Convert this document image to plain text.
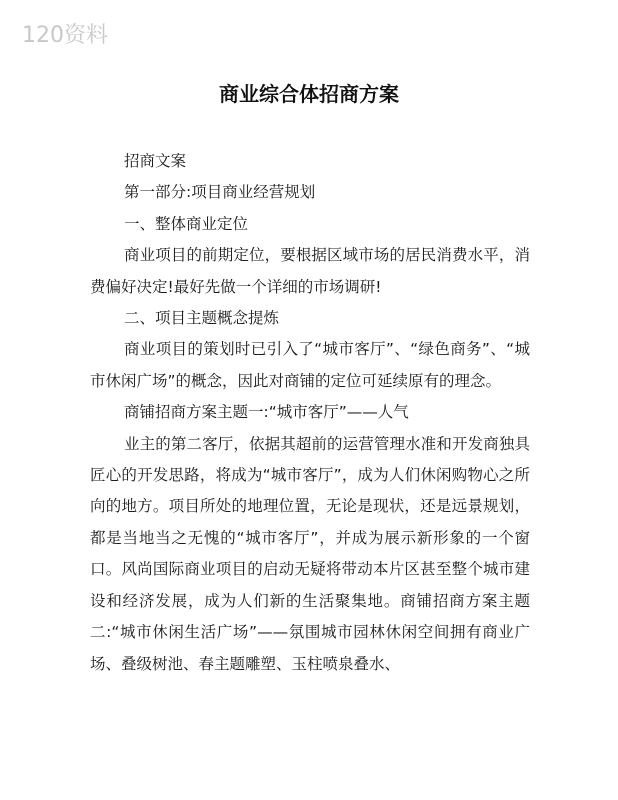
120资料
商业综合体招商方案

招商文案

第一部分:项目商业经营规划

一、整体商业定位

商业项目的前期定位，要根据区域市场的居民消费水平，消费偏好决定!最好先做一个详细的市场调研!

二、项目主题概念提炼

商业项目的策划时已引入了“城市客厅”、“绿色商务”、“城市休闲广场”的概念，因此对商铺的定位可延续原有的理念。

商铺招商方案主题一:“城市客厅”——人气

业主的第二客厅，依据其超前的运营管理水准和开发商独具匠心的开发思路，将成为“城市客厅”，成为人们休闲购物心之所向的地方。项目所处的地理位置，无论是现状，还是远景规划，都是当地当之无愧的“城市客厅”，并成为展示新形象的一个窗口。风尚国际商业项目的启动无疑将带动本片区甚至整个城市建设和经济发展，成为人们新的生活聚集地。商铺招商方案主题二:“城市休闲生活广场”——氛围城市园林休闲空间拥有商业广场、叠级树池、春主题雕塑、玉柱喷泉叠水、
